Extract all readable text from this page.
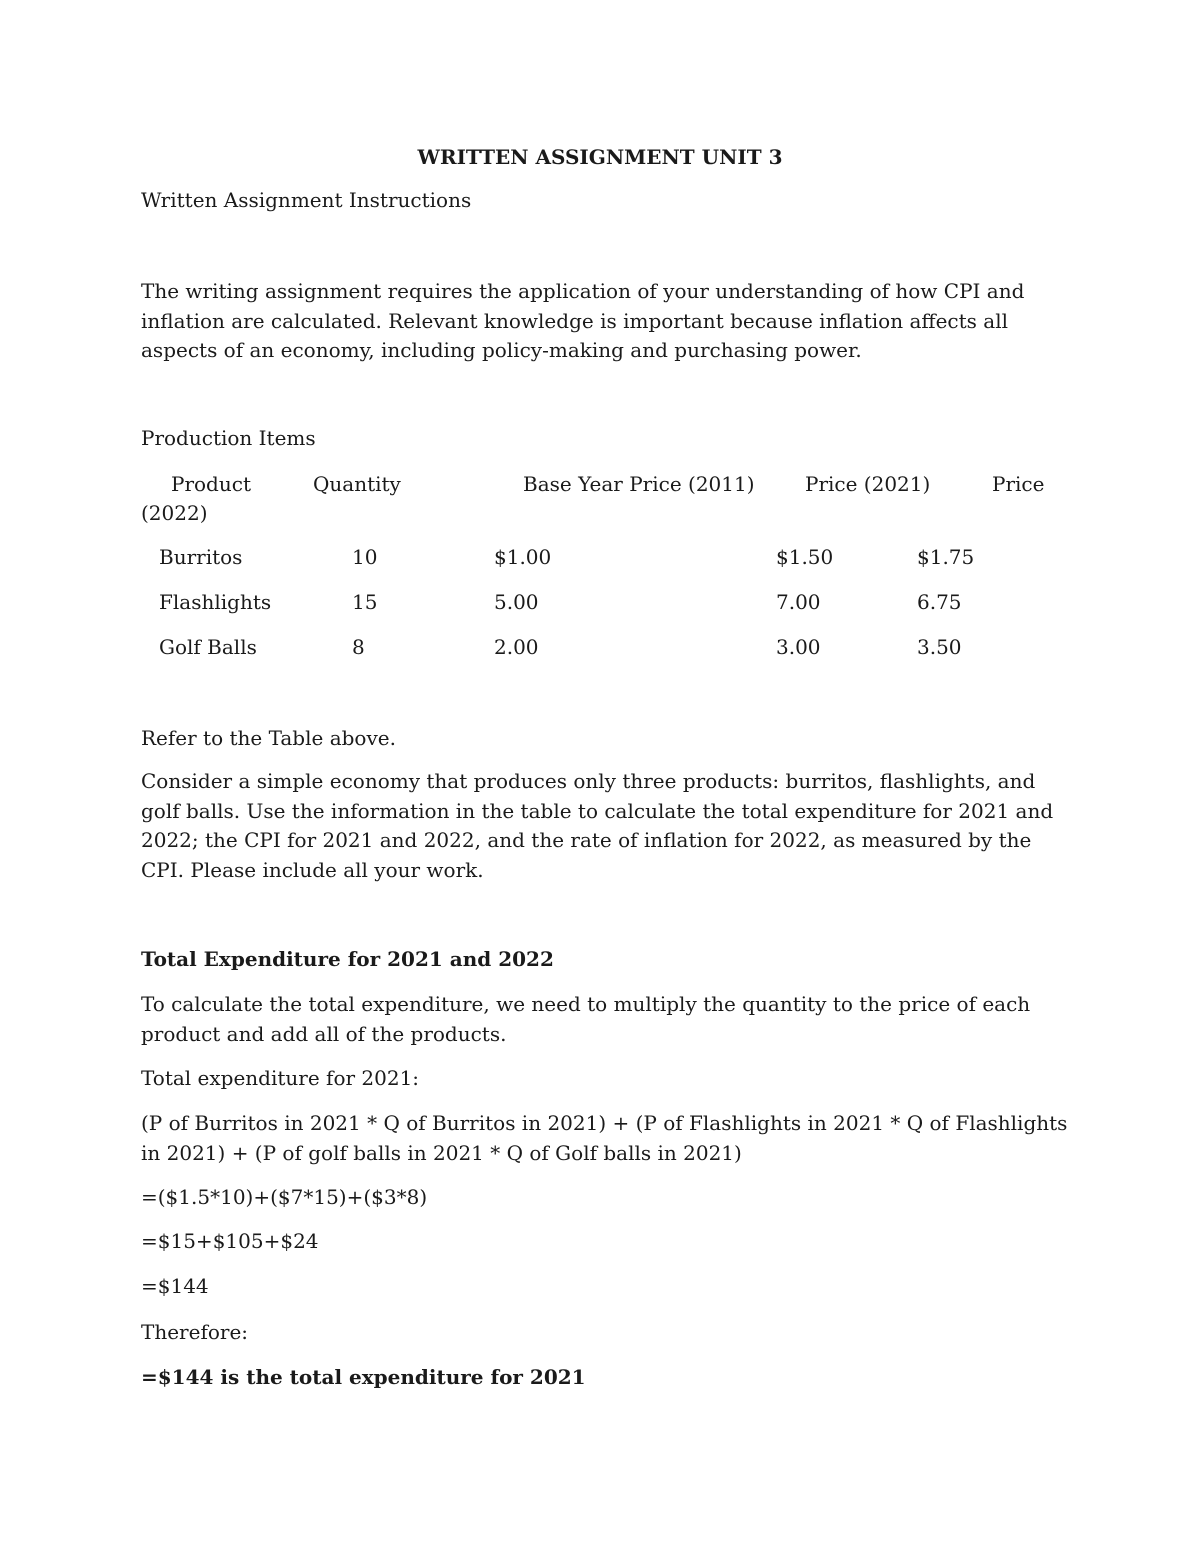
WRITTEN ASSIGNMENT UNIT 3
Written Assignment Instructions
The writing assignment requires the application of your understanding of how CPI and inflation are calculated. Relevant knowledge is important because inflation affects all aspects of an economy, including policy-making and purchasing power.
Production Items
Product	Quantity	Base Year Price (2011)	Price (2021)	Price
(2022)
Burritos	10	$1.00	$1.50	$1.75
Flashlights	15	5.00	7.00	6.75
Golf Balls	8	2.00	3.00	3.50
Refer to the Table above.
Consider a simple economy that produces only three products: burritos, flashlights, and golf balls. Use the information in the table to calculate the total expenditure for 2021 and 2022; the CPI for 2021 and 2022, and the rate of inflation for 2022, as measured by the CPI. Please include all your work.
Total Expenditure for 2021 and 2022
To calculate the total expenditure, we need to multiply the quantity to the price of each product and add all of the products.
Total expenditure for 2021:
(P of Burritos in 2021 * Q of Burritos in 2021) + (P of Flashlights in 2021 * Q of Flashlights in 2021) + (P of golf balls in 2021 * Q of Golf balls in 2021)
=($1.5*10)+($7*15)+($3*8)
=$15+$105+$24
=$144
Therefore:
=$144 is the total expenditure for 2021
